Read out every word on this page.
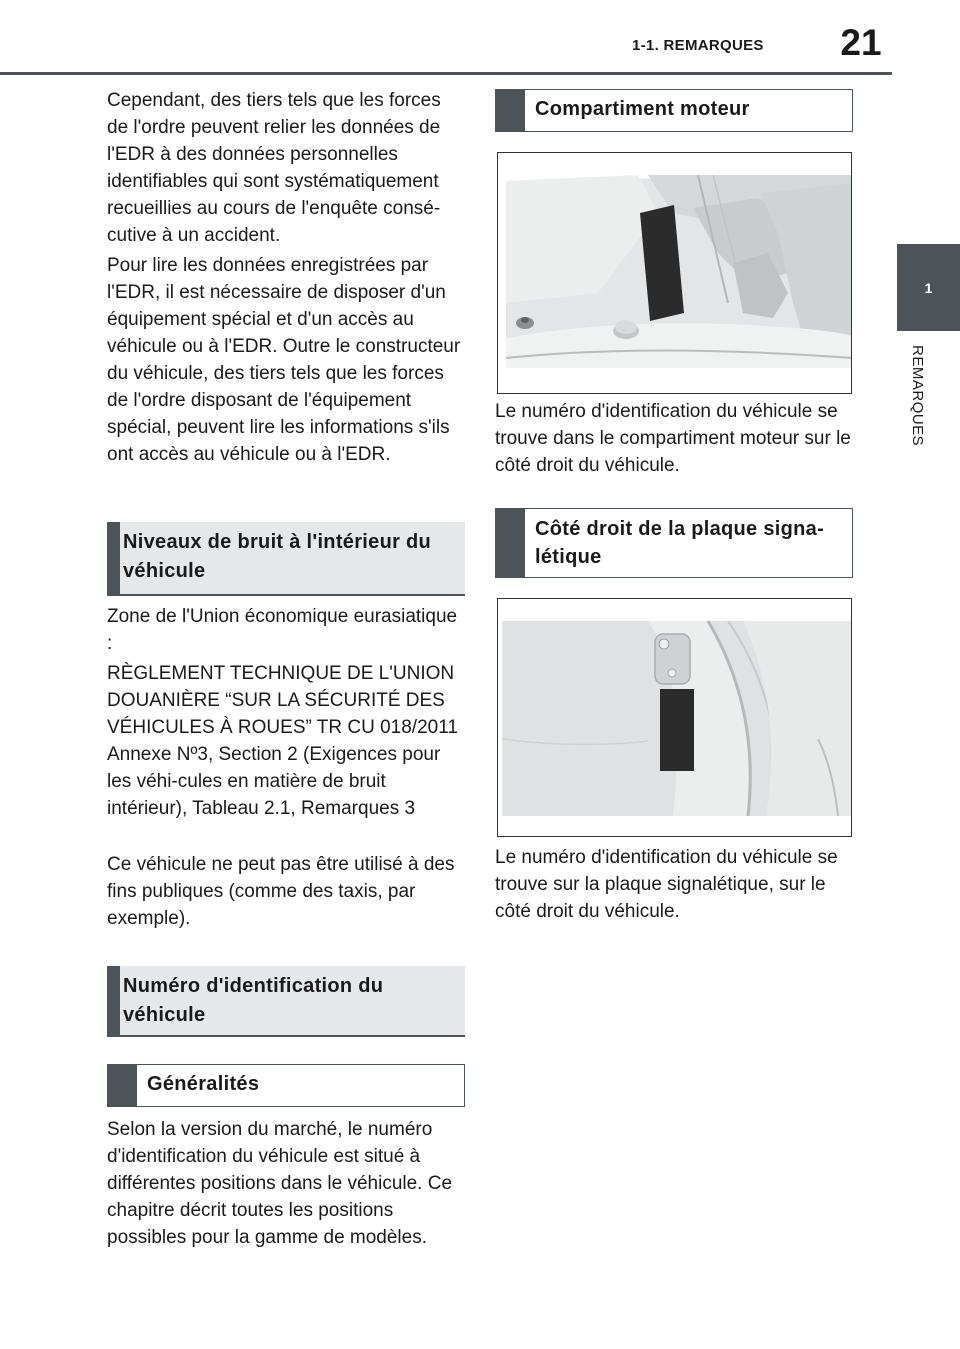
1-1. REMARQUES	21
1
REMARQUES
Cependant, des tiers tels que les forces de l'ordre peuvent relier les données de l'EDR à des données personnelles identifiables qui sont systématiquement recueillies au cours de l'enquête consé-cutive à un accident.
Pour lire les données enregistrées par l'EDR, il est nécessaire de disposer d'un équipement spécial et d'un accès au véhicule ou à l'EDR. Outre le constructeur du véhicule, des tiers tels que les forces de l'ordre disposant de l'équipement spécial, peuvent lire les informations s'ils ont accès au véhicule ou à l'EDR.
Niveaux de bruit à l'intérieur du véhicule
Zone de l'Union économique eurasiatique :
RÈGLEMENT TECHNIQUE DE L'UNION DOUANIÈRE “SUR LA SÉCURITÉ DES VÉHICULES À ROUES” TR CU 018/2011 Annexe Nº3, Section 2 (Exigences pour les véhi-cules en matière de bruit intérieur), Tableau 2.1, Remarques 3
Ce véhicule ne peut pas être utilisé à des fins publiques (comme des taxis, par exemple).
Numéro d'identification du véhicule
Généralités
Selon la version du marché, le numéro d'identification du véhicule est situé à différentes positions dans le véhicule. Ce chapitre décrit toutes les positions possibles pour la gamme de modèles.
Compartiment moteur
Le numéro d'identification du véhicule se trouve dans le compartiment moteur sur le côté droit du véhicule.
Côté droit de la plaque signa-létique
Le numéro d'identification du véhicule se trouve sur la plaque signalétique, sur le côté droit du véhicule.
